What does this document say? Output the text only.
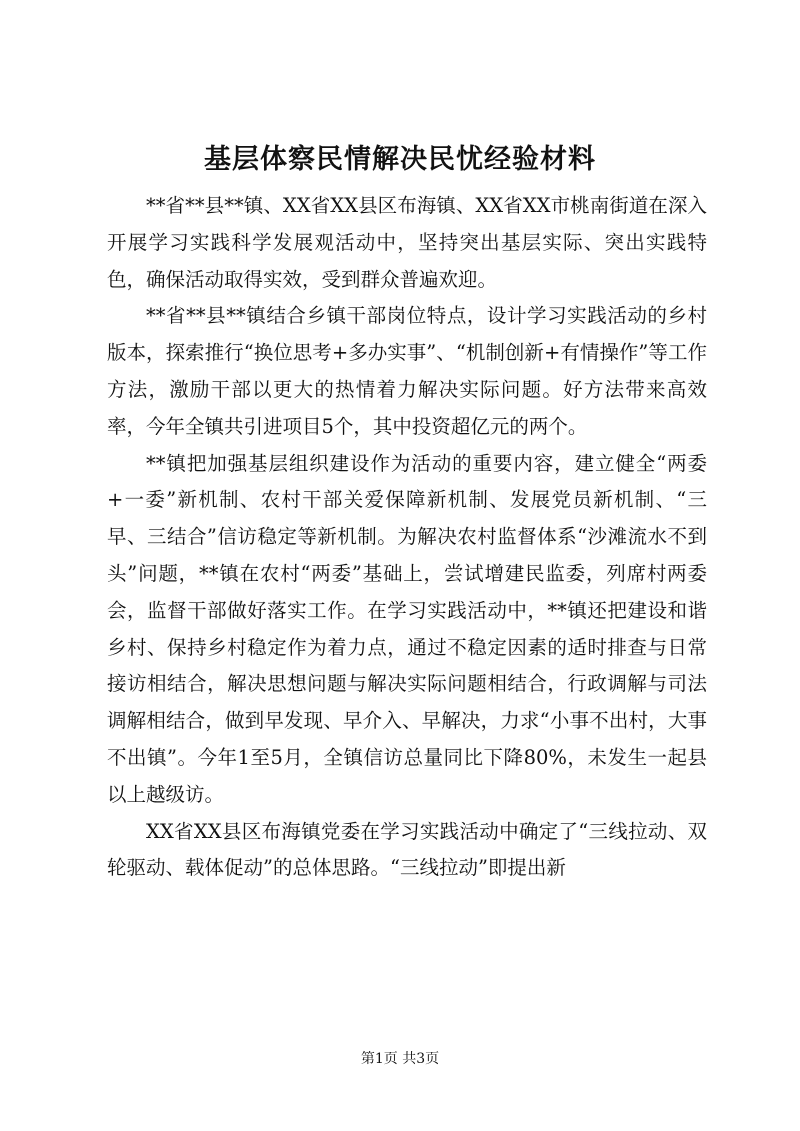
基层体察民情解决民忧经验材料

**省**县**镇、XX省XX县区布海镇、XX省XX市桃南街道在深入开展学习实践科学发展观活动中，坚持突出基层实际、突出实践特色，确保活动取得实效，受到群众普遍欢迎。

**省**县**镇结合乡镇干部岗位特点，设计学习实践活动的乡村版本，探索推行“换位思考+多办实事”、“机制创新+有情操作”等工作方法，激励干部以更大的热情着力解决实际问题。好方法带来高效率，今年全镇共引进项目5个，其中投资超亿元的两个。

**镇把加强基层组织建设作为活动的重要内容，建立健全“两委+一委”新机制、农村干部关爱保障新机制、发展党员新机制、“三早、三结合”信访稳定等新机制。为解决农村监督体系“沙滩流水不到头”问题，**镇在农村“两委”基础上，尝试增建民监委，列席村两委会，监督干部做好落实工作。在学习实践活动中，**镇还把建设和谐乡村、保持乡村稳定作为着力点，通过不稳定因素的适时排查与日常接访相结合，解决思想问题与解决实际问题相结合，行政调解与司法调解相结合，做到早发现、早介入、早解决，力求“小事不出村，大事不出镇”。今年1至5月，全镇信访总量同比下降80%，未发生一起县以上越级访。

XX省XX县区布海镇党委在学习实践活动中确定了“三线拉动、双轮驱动、载体促动”的总体思路。“三线拉动”即提出新

第1页 共3页
